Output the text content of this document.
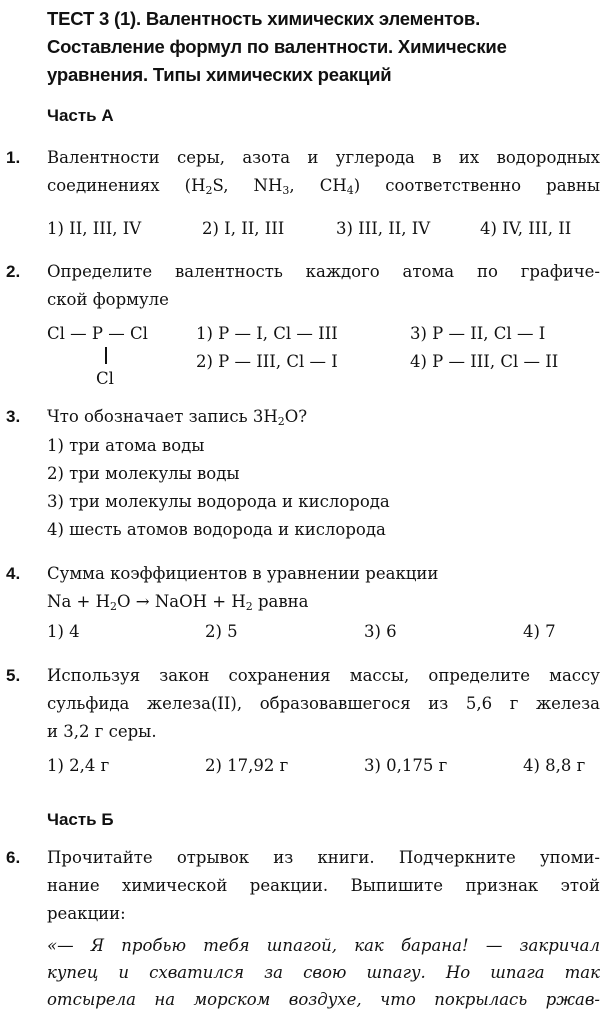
ТЕСТ 3 (1). Валентность химических элементов.
Составление формул по валентности. Химические
уравнения. Типы химических реакций
Часть А
1. Валентности серы, азота и углерода в их водородных
соединениях ($H_2S$, $NH_3$, $CH_4$) соответственно равны
1) II, III, IV	2) I, II, III	3) III, II, IV	4) IV, III, II
2. Определите валентность каждого атома по графиче-
ской формуле
Cl — P — Cl
Cl
1) P — I, Cl — III
2) P — III, Cl — I
3) P — II, Cl — I
4) P — III, Cl — II
3. Что обозначает запись $3H_2O$?
1) три атома воды
2) три молекулы воды
3) три молекулы водорода и кислорода
4) шесть атомов водорода и кислорода
4. Сумма коэффициентов в уравнении реакции
$Na + H_2O$ → NaOH + $H_2$ равна
1) 4	2) 5	3) 6	4) 7
5. Используя закон сохранения массы, определите массу
сульфида железа(II), образовавшегося из 5,6 г железа
и 3,2 г серы.
1) 2,4 г	2) 17,92 г	3) 0,175 г	4) 8,8 г
Часть Б
6. Прочитайте отрывок из книги. Подчеркните упоми-
нание химической реакции. Выпишите признак этой
реакции:
«— Я пробью тебя шпагой, как барана! — закричал
купец и схватился за свою шпагу. Но шпага так
отсырела на морском воздухе, что покрылась ржав-
